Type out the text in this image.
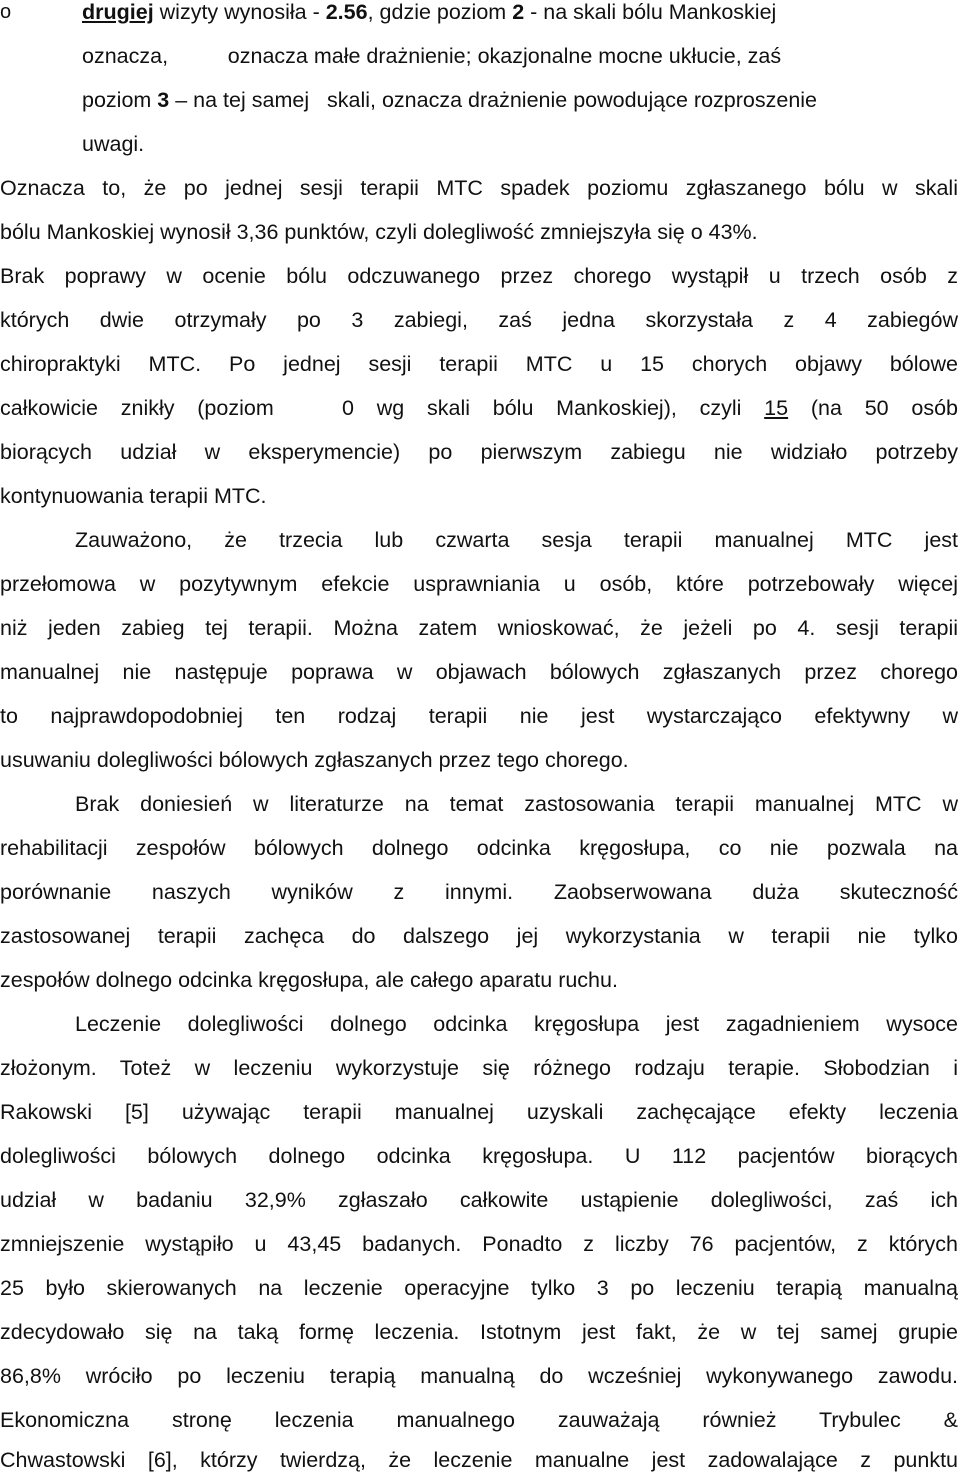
o	drugiej wizyty wynosiła - 2.56, gdzie poziom 2 - na skali bólu Mankoskiej
oznacza,          oznacza małe drażnienie; okazjonalne mocne ukłucie, zaś
poziom 3 – na tej samej   skali, oznacza drażnienie powodujące rozproszenie
uwagi.
Oznacza to, że po jednej sesji terapii MTC spadek poziomu zgłaszanego bólu w skali
bólu Mankoskiej wynosił 3,36 punktów, czyli dolegliwość zmniejszyła się o 43%.
Brak poprawy w ocenie bólu odczuwanego przez chorego wystąpił u trzech osób z
których dwie otrzymały po 3 zabiegi, zaś jedna skorzystała z 4 zabiegów
chiropraktyki MTC. Po jednej sesji terapii MTC u 15 chorych objawy bólowe
całkowicie znikły (poziom   0 wg skali bólu Mankoskiej), czyli 15 (na 50 osób
biorących udział w eksperymencie) po pierwszym zabiegu nie widziało potrzeby
kontynuowania terapii MTC.
Zauważono, że trzecia lub czwarta sesja terapii manualnej MTC jest
przełomowa w pozytywnym efekcie usprawniania u osób, które potrzebowały więcej
niż jeden zabieg tej terapii. Można zatem wnioskować, że jeżeli po 4. sesji terapii
manualnej nie następuje poprawa w objawach bólowych zgłaszanych przez chorego
to najprawdopodobniej ten rodzaj terapii nie jest wystarczająco efektywny w
usuwaniu dolegliwości bólowych zgłaszanych przez tego chorego.
Brak doniesień w literaturze na temat zastosowania terapii manualnej MTC w
rehabilitacji zespołów bólowych dolnego odcinka kręgosłupa, co nie pozwala na
porównanie naszych wyników z innymi. Zaobserwowana duża skuteczność
zastosowanej terapii zachęca do dalszego jej wykorzystania w terapii nie tylko
zespołów dolnego odcinka kręgosłupa, ale całego aparatu ruchu.
Leczenie dolegliwości dolnego odcinka kręgosłupa jest zagadnieniem wysoce
złożonym. Toteż w leczeniu wykorzystuje się różnego rodzaju terapie. Słobodzian i
Rakowski [5] używając terapii manualnej uzyskali zachęcające efekty leczenia
dolegliwości bólowych dolnego odcinka kręgosłupa. U 112 pacjentów biorących
udział w badaniu 32,9% zgłaszało całkowite ustąpienie dolegliwości, zaś ich
zmniejszenie wystąpiło u 43,45 badanych. Ponadto z liczby 76 pacjentów, z których
25 było skierowanych na leczenie operacyjne tylko 3 po leczeniu terapią manualną
zdecydowało się na taką formę leczenia. Istotnym jest fakt, że w tej samej grupie
86,8% wróciło po leczeniu terapią manualną do wcześniej wykonywanego zawodu.
Ekonomiczna stronę leczenia manualnego zauważają również Trybulec &
Chwastowski [6], którzy twierdzą, że leczenie manualne jest zadowalające z punktu
